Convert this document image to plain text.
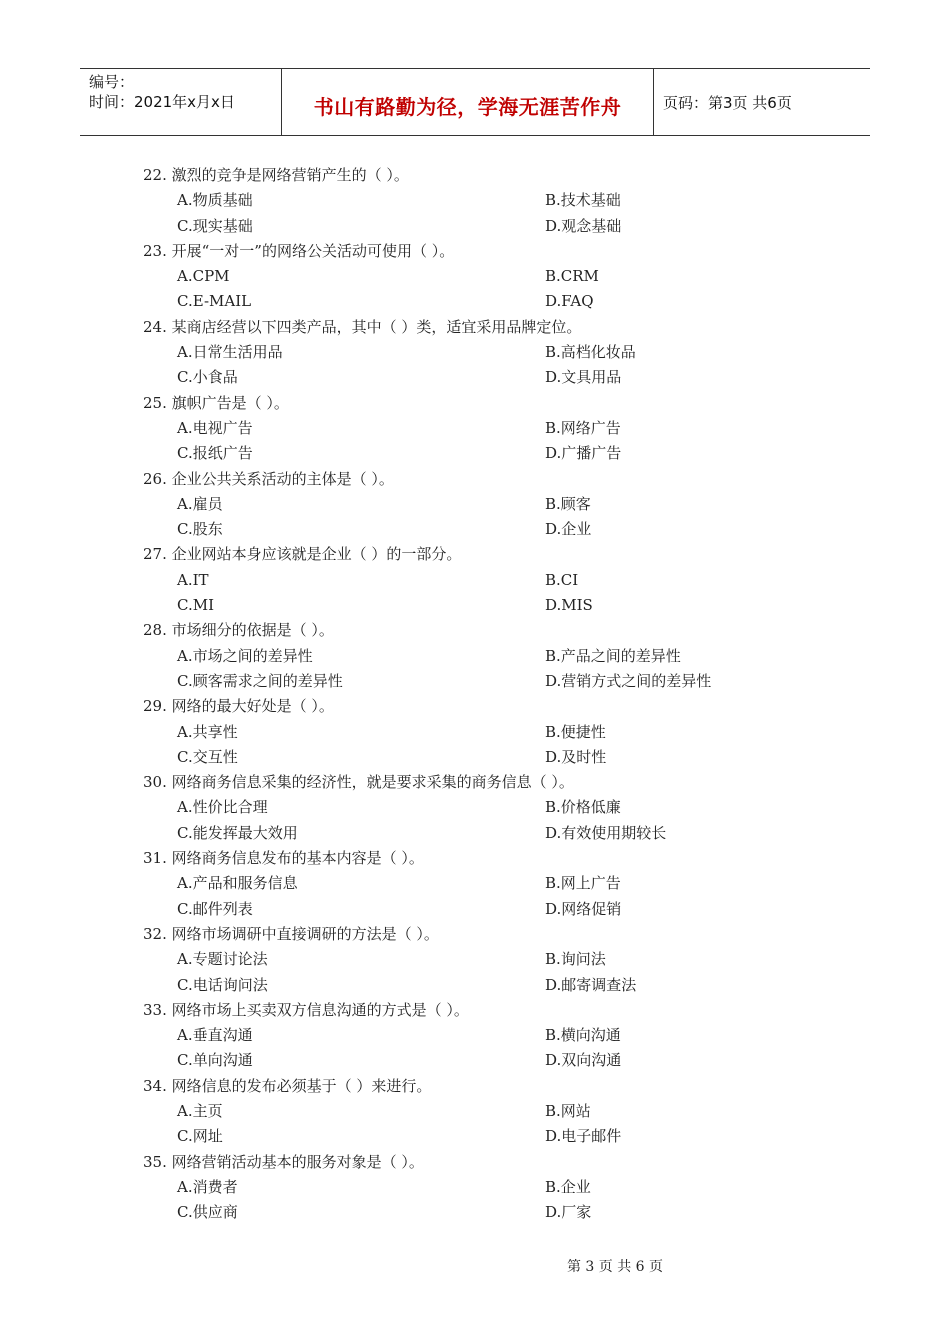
编号：
时间：2021年x月x日	书山有路勤为径，学海无涯苦作舟	页码：第3页 共6页
22. 激烈的竞争是网络营销产生的（ ）。
A.物质基础	B.技术基础
C.现实基础	D.观念基础
23. 开展“一对一”的网络公关活动可使用（ ）。
A.CPM	B.CRM
C.E-MAIL	D.FAQ
24. 某商店经营以下四类产品，其中（ ）类，适宜采用品牌定位。
A.日常生活用品	B.高档化妆品
C.小食品	D.文具用品
25. 旗帜广告是（ ）。
A.电视广告	B.网络广告
C.报纸广告	D.广播广告
26. 企业公共关系活动的主体是（ ）。
A.雇员	B.顾客
C.股东	D.企业
27. 企业网站本身应该就是企业（ ）的一部分。
A.IT	B.CI
C.MI	D.MIS
28. 市场细分的依据是（ ）。
A.市场之间的差异性	B.产品之间的差异性
C.顾客需求之间的差异性	D.营销方式之间的差异性
29. 网络的最大好处是（ ）。
A.共享性	B.便捷性
C.交互性	D.及时性
30. 网络商务信息采集的经济性，就是要求采集的商务信息（ ）。
A.性价比合理	B.价格低廉
C.能发挥最大效用	D.有效使用期较长
31. 网络商务信息发布的基本内容是（ ）。
A.产品和服务信息	B.网上广告
C.邮件列表	D.网络促销
32. 网络市场调研中直接调研的方法是（ ）。
A.专题讨论法	B.询问法
C.电话询问法	D.邮寄调查法
33. 网络市场上买卖双方信息沟通的方式是（ ）。
A.垂直沟通	B.横向沟通
C.单向沟通	D.双向沟通
34. 网络信息的发布必须基于（ ）来进行。
A.主页	B.网站
C.网址	D.电子邮件
35. 网络营销活动基本的服务对象是（ ）。
A.消费者	B.企业
C.供应商	D.厂家
第 3 页 共 6 页
